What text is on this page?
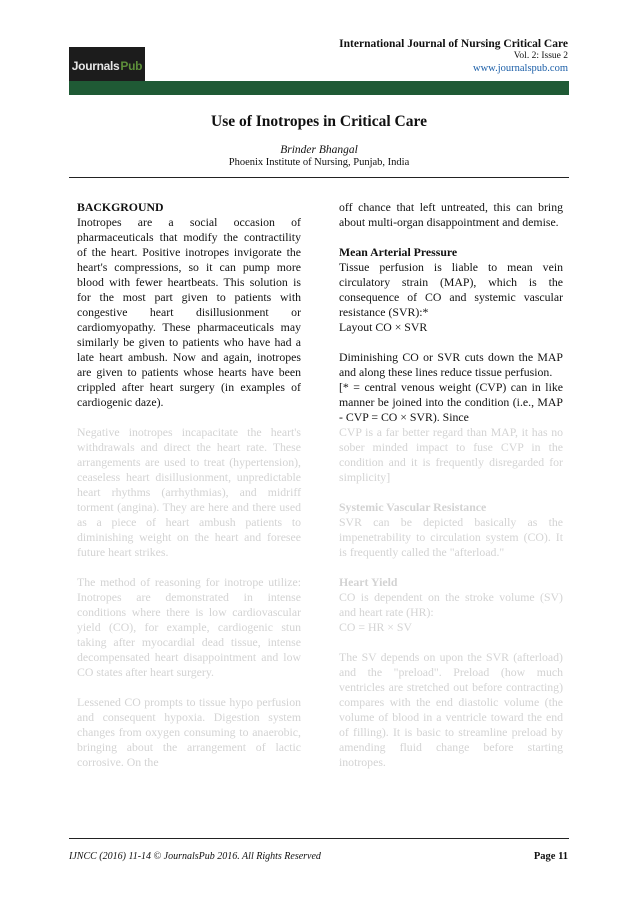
International Journal of Nursing Critical Care
Vol. 2: Issue 2
www.journalspub.com
Journals Pub
Use of Inotropes in Critical Care
Brinder Bhangal
Phoenix Institute of Nursing, Punjab, India

BACKGROUND

Inotropes are a social occasion of pharmaceuticals that modify the contractility of the heart. Positive inotropes invigorate the heart's compressions, so it can pump more blood with fewer heartbeats. This solution is for the most part given to patients with congestive heart disillusionment or cardiomyopathy. These pharmaceuticals may similarly be given to patients who have had a late heart ambush. Now and again, inotropes are given to patients whose hearts have been crippled after heart surgery (in examples of cardiogenic daze).

Negative inotropes incapacitate the heart's withdrawals and direct the heart rate. These arrangements are used to treat (hypertension), ceaseless heart disillusionment, unpredictable heart rhythms (arrhythmias), and midriff torment (angina). They are here and there used as a piece of heart ambush patients to diminishing weight on the heart and foresee future heart strikes.

The method of reasoning for inotrope utilize: Inotropes are demonstrated in intense conditions where there is low cardiovascular yield (CO), for example, cardiogenic stun taking after myocardial dead tissue, intense decompensated heart disappointment and low CO states after heart surgery.

Lessened CO prompts to tissue hypo perfusion and consequent hypoxia. Digestion system changes from oxygen consuming to anaerobic, bringing about the arrangement of lactic corrosive. On the

off chance that left untreated, this can bring about multi-organ disappointment and demise.

Mean Arterial Pressure

Tissue perfusion is liable to mean vein circulatory strain (MAP), which is the consequence of CO and systemic vascular resistance (SVR):*

Layout CO × SVR

Diminishing CO or SVR cuts down the MAP and along these lines reduce tissue perfusion.

[* = central venous weight (CVP) can in like manner be joined into the condition (i.e., MAP - CVP = CO × SVR). Since

CVP is a far better regard than MAP, it has no sober minded impact to fuse CVP in the condition and it is frequently disregarded for simplicity]

Systemic Vascular Resistance

SVR can be depicted basically as the impenetrability to circulation system (CO). It is frequently called the "afterload."

Heart Yield

CO is dependent on the stroke volume (SV) and heart rate (HR):

CO = HR × SV

The SV depends on upon the SVR (afterload) and the "preload". Preload (how much ventricles are stretched out before contracting) compares with the end diastolic volume (the volume of blood in a ventricle toward the end of filling). It is basic to streamline preload by amending fluid change before starting inotropes.

IJNCC (2016) 11-14 © JournalsPub 2016. All Rights Reserved	Page 11
